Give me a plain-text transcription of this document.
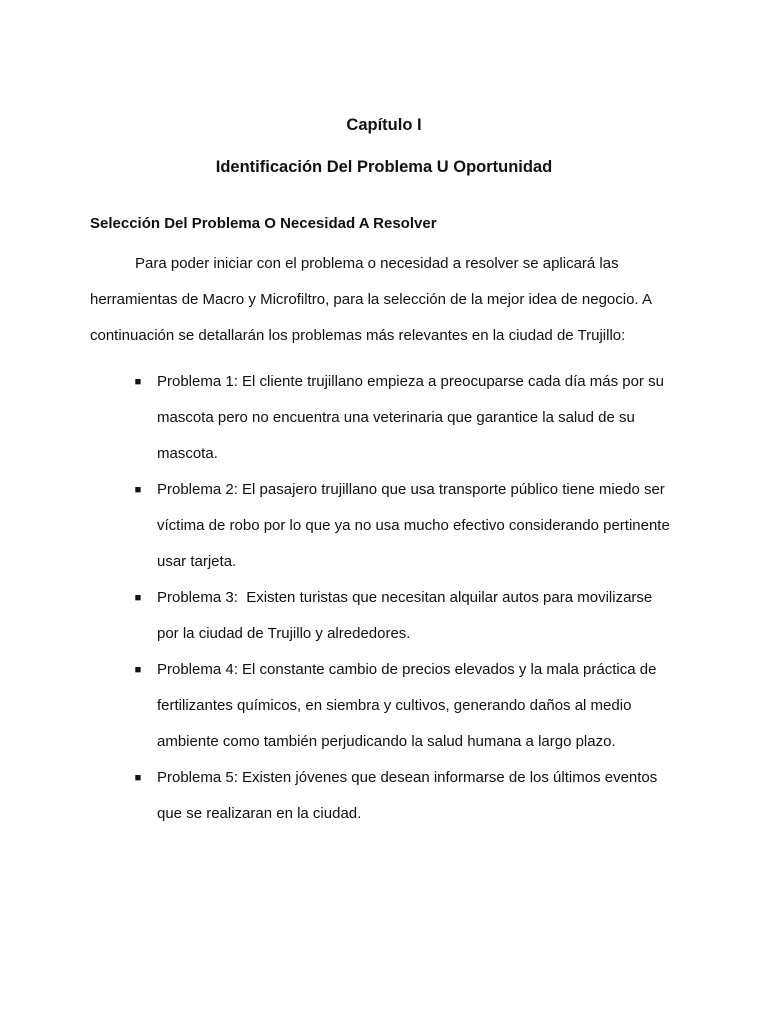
Capítulo I
Identificación Del Problema U Oportunidad
Selección Del Problema O Necesidad A Resolver

Para poder iniciar con el problema o necesidad a resolver se aplicará las
herramientas de Macro y Microfiltro, para la selección de la mejor idea de negocio. A
continuación se detallarán los problemas más relevantes en la ciudad de Trujillo:

■ Problema 1: El cliente trujillano empieza a preocuparse cada día más por su
mascota pero no encuentra una veterinaria que garantice la salud de su
mascota.
■ Problema 2: El pasajero trujillano que usa transporte público tiene miedo ser
víctima de robo por lo que ya no usa mucho efectivo considerando pertinente
usar tarjeta.
■ Problema 3:  Existen turistas que necesitan alquilar autos para movilizarse
por la ciudad de Trujillo y alrededores.
■ Problema 4: El constante cambio de precios elevados y la mala práctica de
fertilizantes químicos, en siembra y cultivos, generando daños al medio
ambiente como también perjudicando la salud humana a largo plazo.
■ Problema 5: Existen jóvenes que desean informarse de los últimos eventos
que se realizaran en la ciudad.
